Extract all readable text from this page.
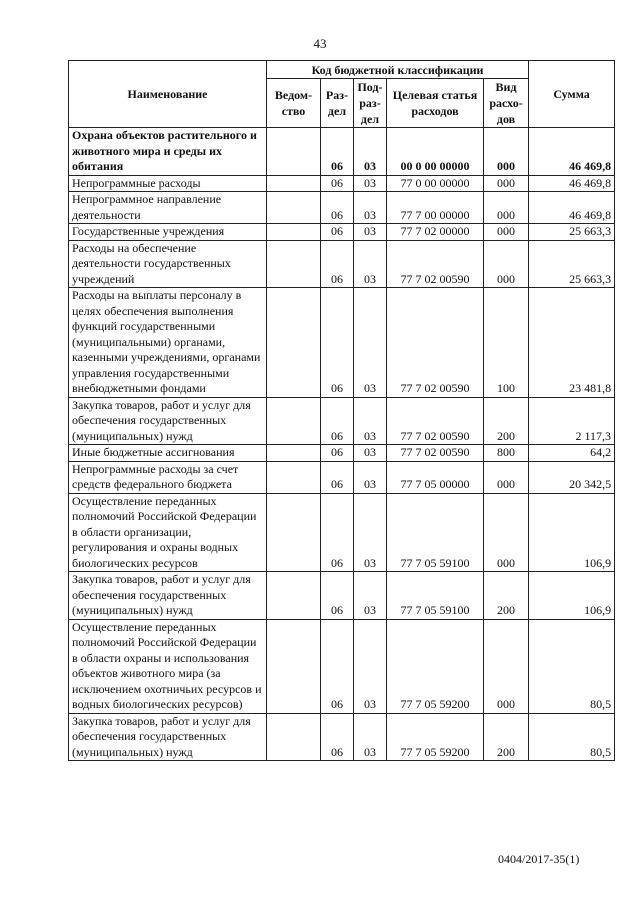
43
Наименование	Код бюджетной классификации					Сумма
	Ведом-ство	Раз-дел	Под-раз-дел	Целевая статья расходов	Вид расхо-дов	
Охрана объектов растительного и животного мира и среды их обитания		06	03	00 0 00 00000	000	46 469,8
Непрограммные расходы		06	03	77 0 00 00000	000	46 469,8
Непрограммное направление деятельности		06	03	77 7 00 00000	000	46 469,8
Государственные учреждения		06	03	77 7 02 00000	000	25 663,3
Расходы на обеспечение деятельности государственных учреждений		06	03	77 7 02 00590	000	25 663,3
Расходы на выплаты персоналу в целях обеспечения выполнения функций государственными (муниципальными) органами, казенными учреждениями, органами управления государственными внебюджетными фондами		06	03	77 7 02 00590	100	23 481,8
Закупка товаров, работ и услуг для обеспечения государственных (муниципальных) нужд		06	03	77 7 02 00590	200	2 117,3
Иные бюджетные ассигнования		06	03	77 7 02 00590	800	64,2
Непрограммные расходы за счет средств федерального бюджета		06	03	77 7 05 00000	000	20 342,5
Осуществление переданных полномочий Российской Федерации в области организации, регулирования и охраны водных биологических ресурсов		06	03	77 7 05 59100	000	106,9
Закупка товаров, работ и услуг для обеспечения государственных (муниципальных) нужд		06	03	77 7 05 59100	200	106,9
Осуществление переданных полномочий Российской Федерации в области охраны и использования объектов животного мира (за исключением охотничьих ресурсов и водных биологических ресурсов)		06	03	77 7 05 59200	000	80,5
Закупка товаров, работ и услуг для обеспечения государственных (муниципальных) нужд		06	03	77 7 05 59200	200	80,5
0404/2017-35(1)
